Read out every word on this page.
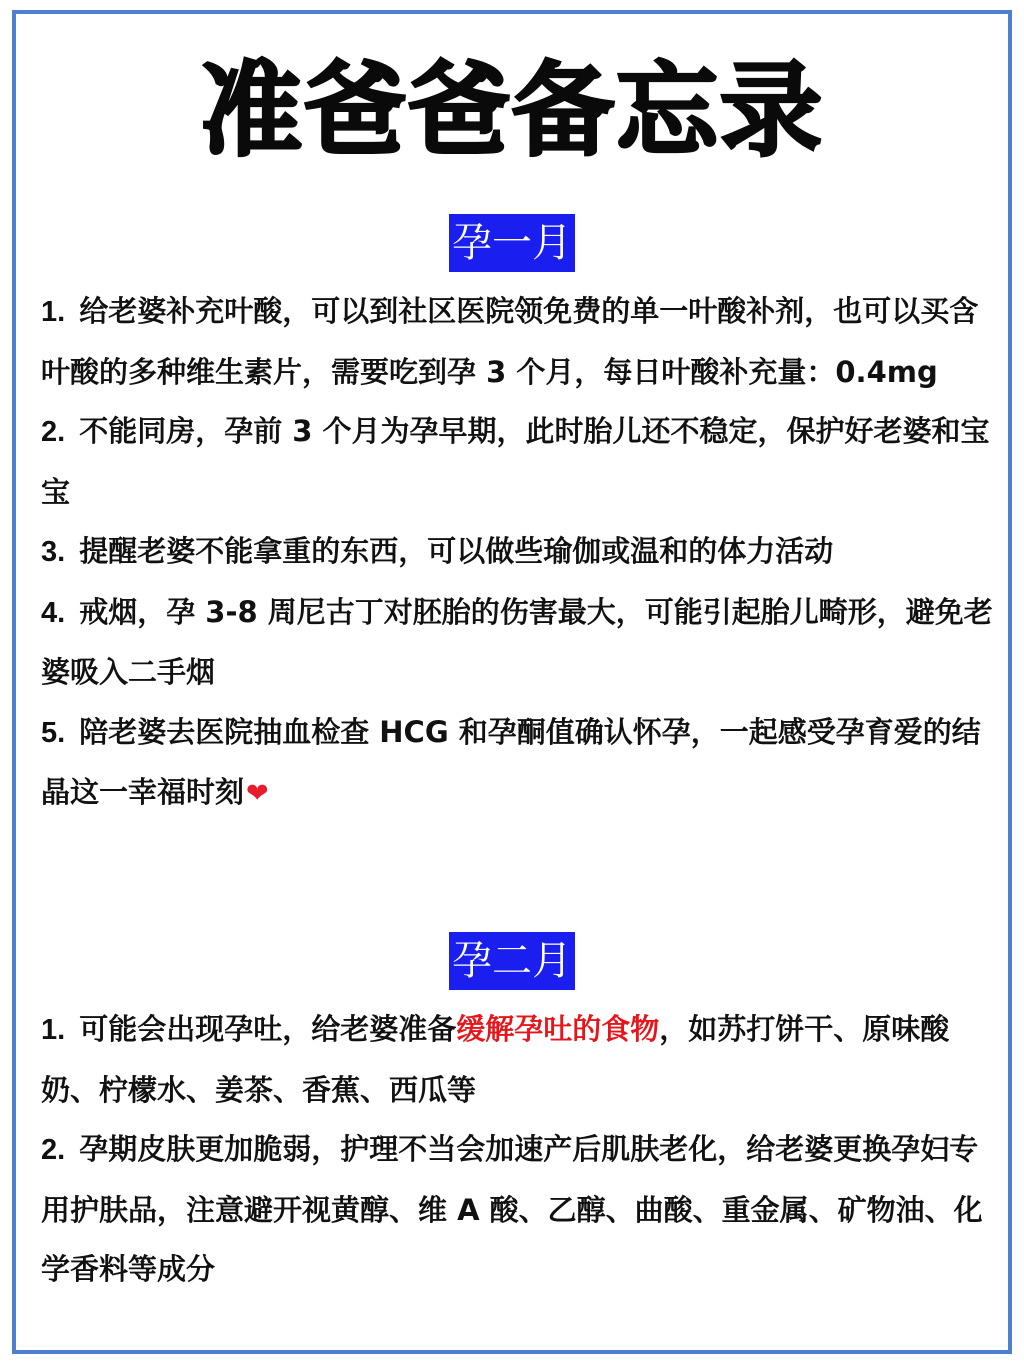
准爸爸备忘录
孕一月
1. 给老婆补充叶酸，可以到社区医院领免费的单一叶酸补剂，也可以买含叶酸的多种维生素片，需要吃到孕 3 个月，每日叶酸补充量：0.4mg
2. 不能同房，孕前 3 个月为孕早期，此时胎儿还不稳定，保护好老婆和宝宝
3. 提醒老婆不能拿重的东西，可以做些瑜伽或温和的体力活动
4. 戒烟，孕 3-8 周尼古丁对胚胎的伤害最大，可能引起胎儿畸形，避免老婆吸入二手烟
5. 陪老婆去医院抽血检查 HCG 和孕酮值确认怀孕，一起感受孕育爱的结晶这一幸福时刻❤
孕二月
1. 可能会出现孕吐，给老婆准备缓解孕吐的食物，如苏打饼干、原味酸奶、柠檬水、姜茶、香蕉、西瓜等
2. 孕期皮肤更加脆弱，护理不当会加速产后肌肤老化，给老婆更换孕妇专用护肤品，注意避开视黄醇、维 A 酸、乙醇、曲酸、重金属、矿物油、化学香料等成分
